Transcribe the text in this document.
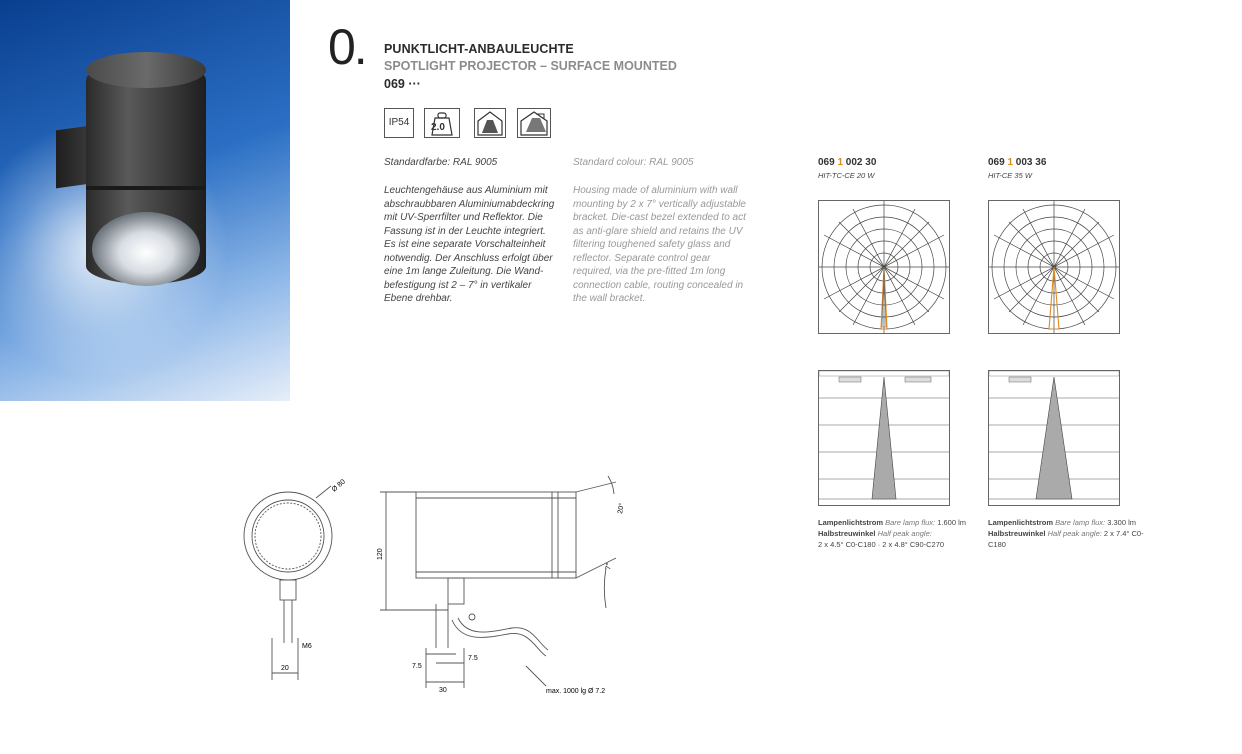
0. PUNKTLICHT-ANBAULEUCHTE
SPOTLIGHT PROJECTOR – SURFACE MOUNTED
069 ···
IP54	2.0
Standardfarbe: RAL 9005	Standard colour: RAL 9005
Leuchtengehäuse aus Aluminium mit abschraubbaren Aluminiumabdeckring mit UV-Sperrfilter und Reflektor. Die Fassung ist in der Leuchte integriert. Es ist eine separate Vorschalteinheit notwendig. Der Anschluss erfolgt über eine 1m lange Zuleitung. Die Wand-befestigung ist 2 – 7° in vertikaler Ebene drehbar.
Housing made of aluminium with wall mounting by 2 x 7° vertically adjustable bracket. Die-cast bezel extended to act as anti-glare shield and retains the UV filtering toughened safety glass and reflector. Separate control gear required, via the pre-fitted 1m long connection cable, routing concealed in the wall bracket.
069 1 002 30
HIT-TC-CE 20 W
069 1 003 36
HIT-CE 35 W
Lampenlichtstrom Bare lamp flux: 1.600 lm
Halbstreuwinkel Half peak angle:
2 x 4.5° C0-C180 · 2 x 4.8° C90-C270
Lampenlichtstrom Bare lamp flux: 3.300 lm
Halbstreuwinkel Half peak angle: 2 x 7.4° C0-C180
Ø 80
M6
20
120
20°
7°
7.5
7.5
30	max. 1000 lg Ø 7.2
